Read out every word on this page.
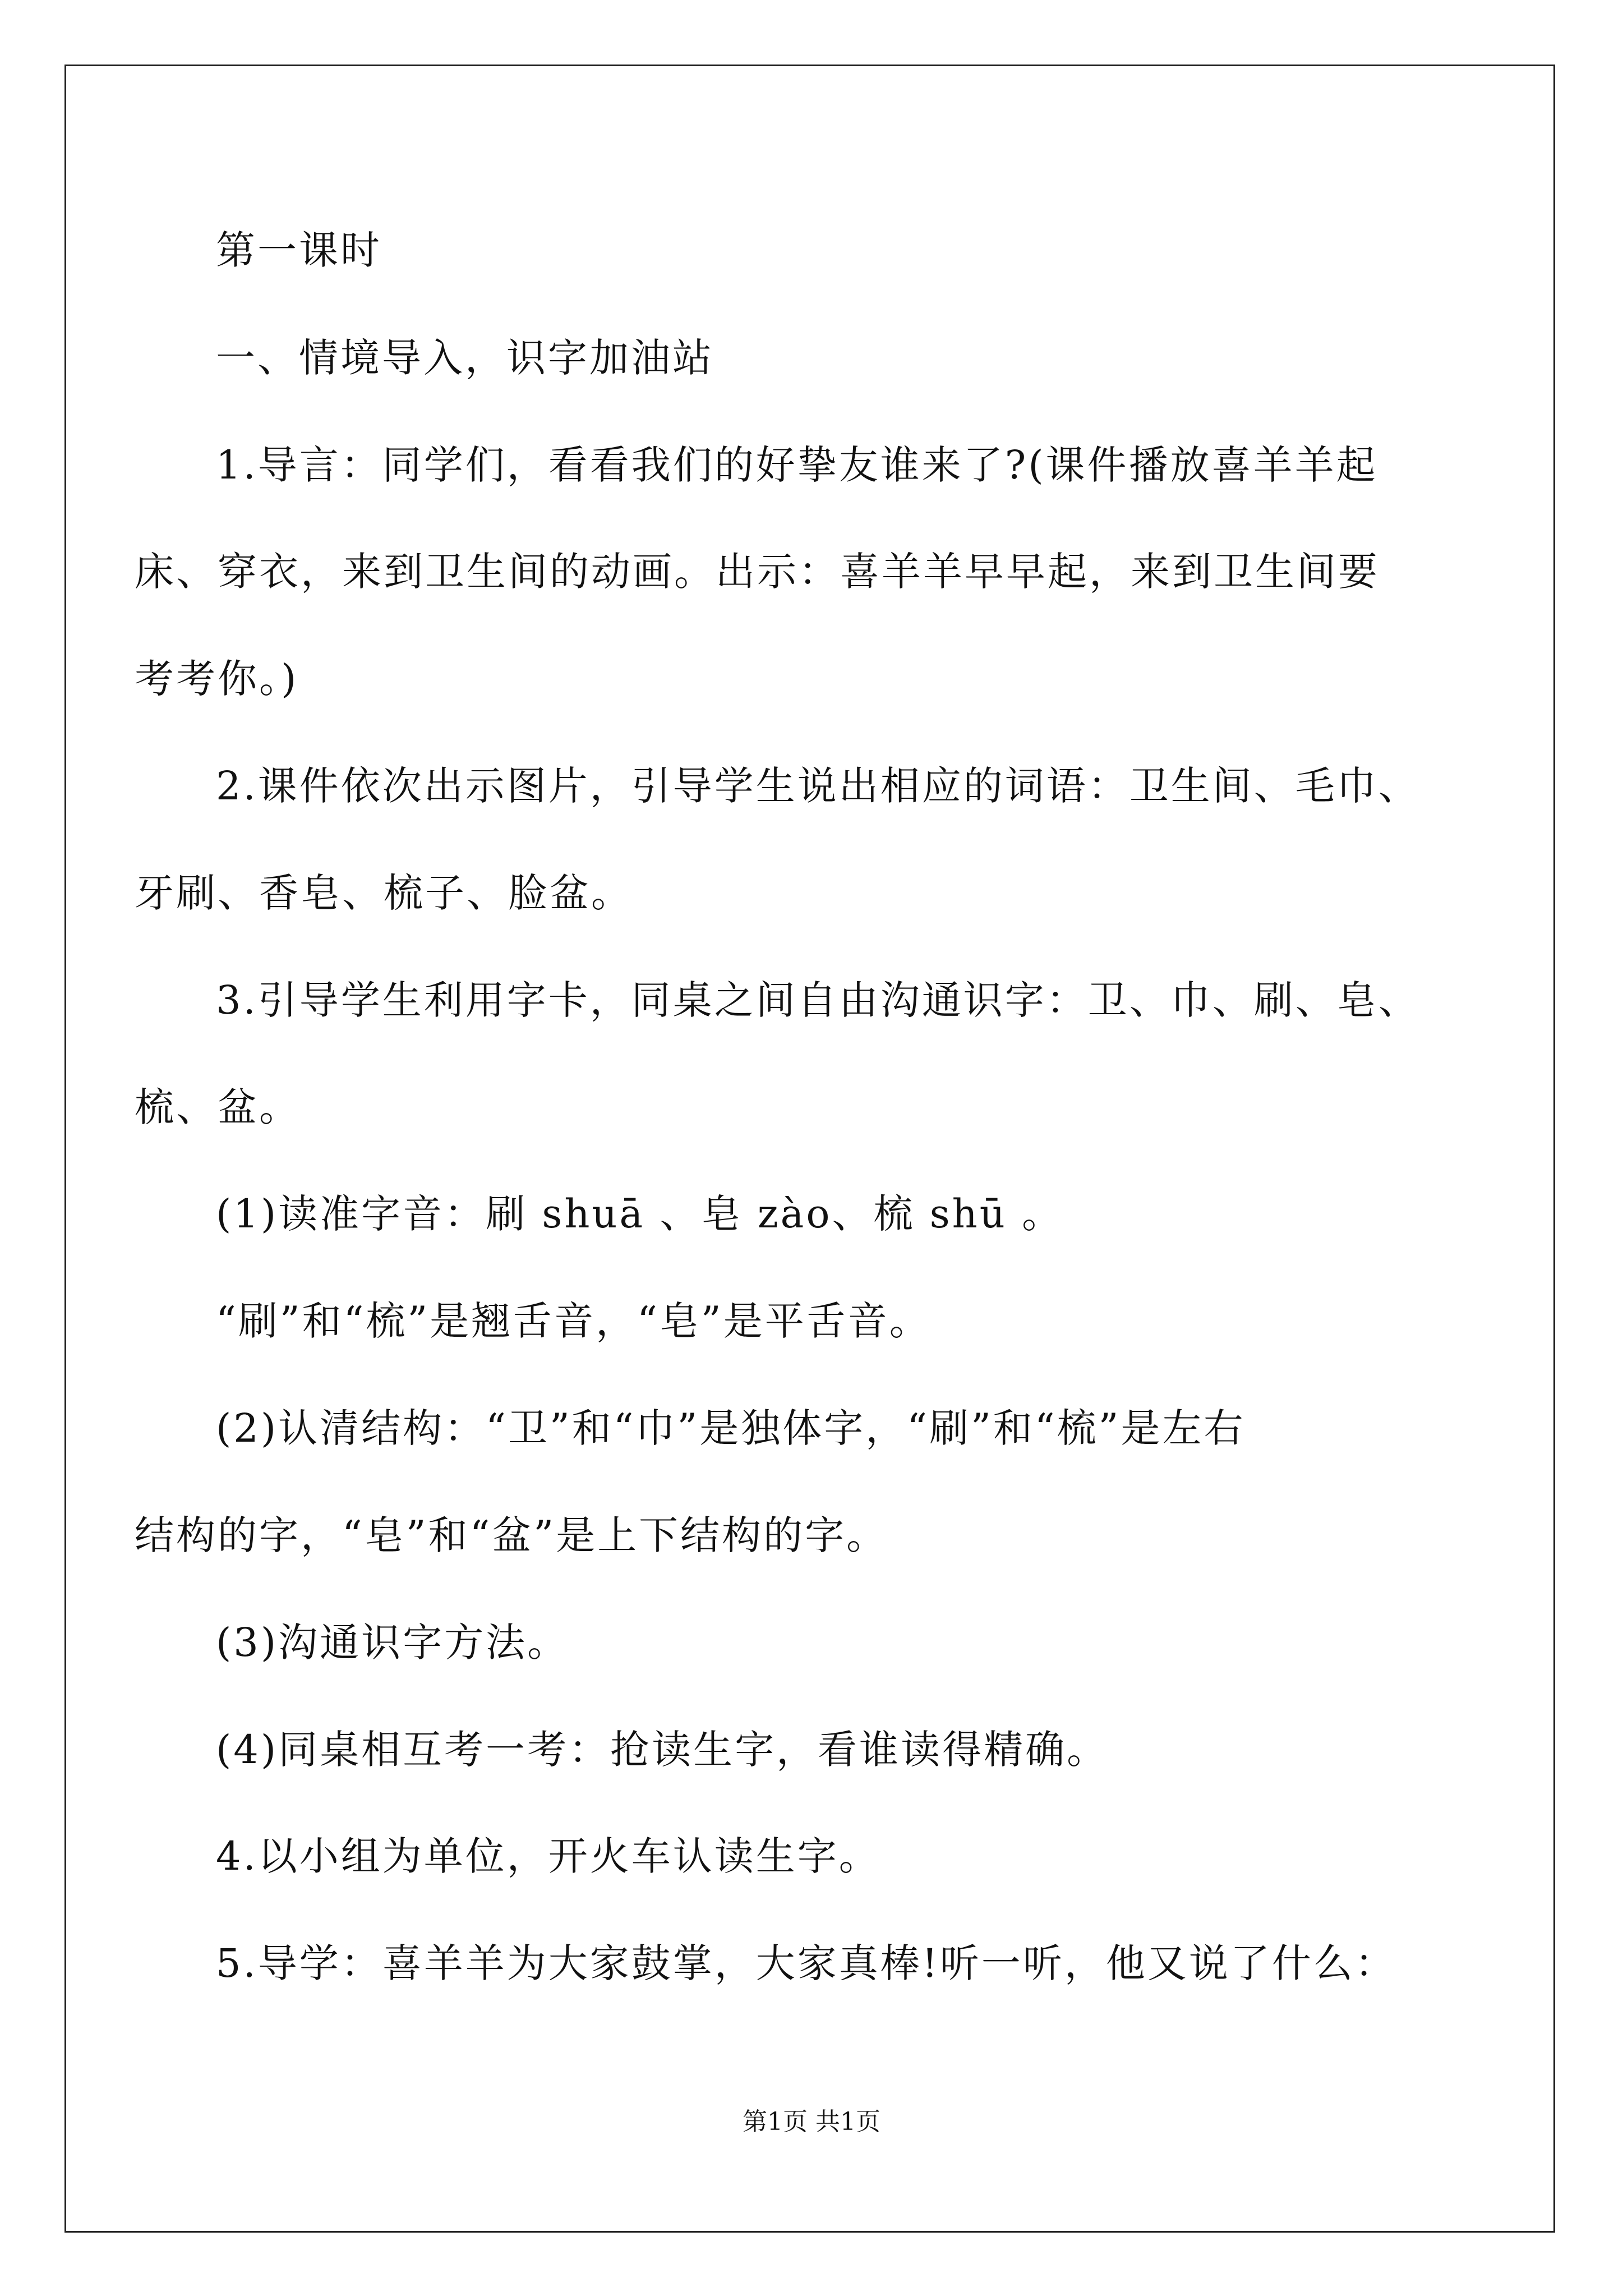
第一课时
一、情境导入，识字加油站
1.导言：同学们，看看我们的好挚友谁来了?(课件播放喜羊羊起
床、穿衣，来到卫生间的动画。出示：喜羊羊早早起，来到卫生间要
考考你。)
2.课件依次出示图片，引导学生说出相应的词语：卫生间、毛巾、
牙刷、香皂、梳子、脸盆。
3.引导学生利用字卡，同桌之间自由沟通识字：卫、巾、刷、皂、
梳、盆。
(1)读准字音：刷 shuā 、皂 zào、梳 shū 。
“刷”和“梳”是翘舌音，“皂”是平舌音。
(2)认清结构：“卫”和“巾”是独体字，“刷”和“梳”是左右
结构的字，“皂”和“盆”是上下结构的字。
(3)沟通识字方法。
(4)同桌相互考一考：抢读生字，看谁读得精确。
4.以小组为单位，开火车认读生字。
5.导学：喜羊羊为大家鼓掌，大家真棒!听一听，他又说了什么：
第1页 共1页
